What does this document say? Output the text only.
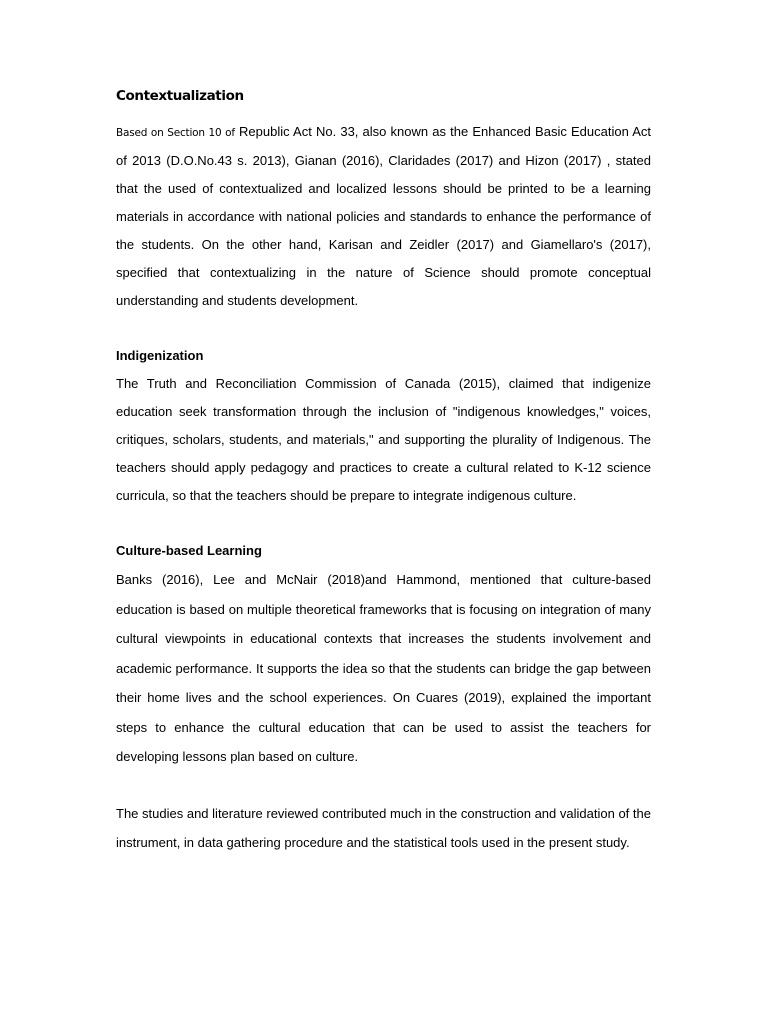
Contextualization

Based on Section 10 of Republic Act No. 33, also known as the Enhanced Basic Education Act of 2013 (D.O.No.43 s. 2013), Gianan (2016), Claridades (2017) and Hizon (2017) , stated that the used of contextualized and localized lessons should be printed to be a learning materials in accordance with national policies and standards to enhance the performance of the students. On the other hand, Karisan and Zeidler (2017) and Giamellaro's (2017), specified that contextualizing in the nature of Science should promote conceptual understanding and students development.

Indigenization

The Truth and Reconciliation Commission of Canada (2015), claimed that indigenize education seek transformation through the inclusion of "indigenous knowledges," voices, critiques, scholars, students, and materials," and supporting the plurality of Indigenous. The teachers should apply pedagogy and practices to create a cultural related to K-12 science curricula, so that the teachers should be prepare to integrate indigenous culture.

Culture-based Learning

Banks (2016), Lee and McNair (2018)and Hammond, mentioned that culture-based education is based on multiple theoretical frameworks that is focusing on integration of many cultural viewpoints in educational contexts that increases the students involvement and academic performance. It supports the idea so that the students can bridge the gap between their home lives and the school experiences. On Cuares (2019), explained the important steps to enhance the cultural education that can be used to assist the teachers for developing lessons plan based on culture.

The studies and literature reviewed contributed much in the construction and validation of the instrument, in data gathering procedure and the statistical tools used in the present study.
